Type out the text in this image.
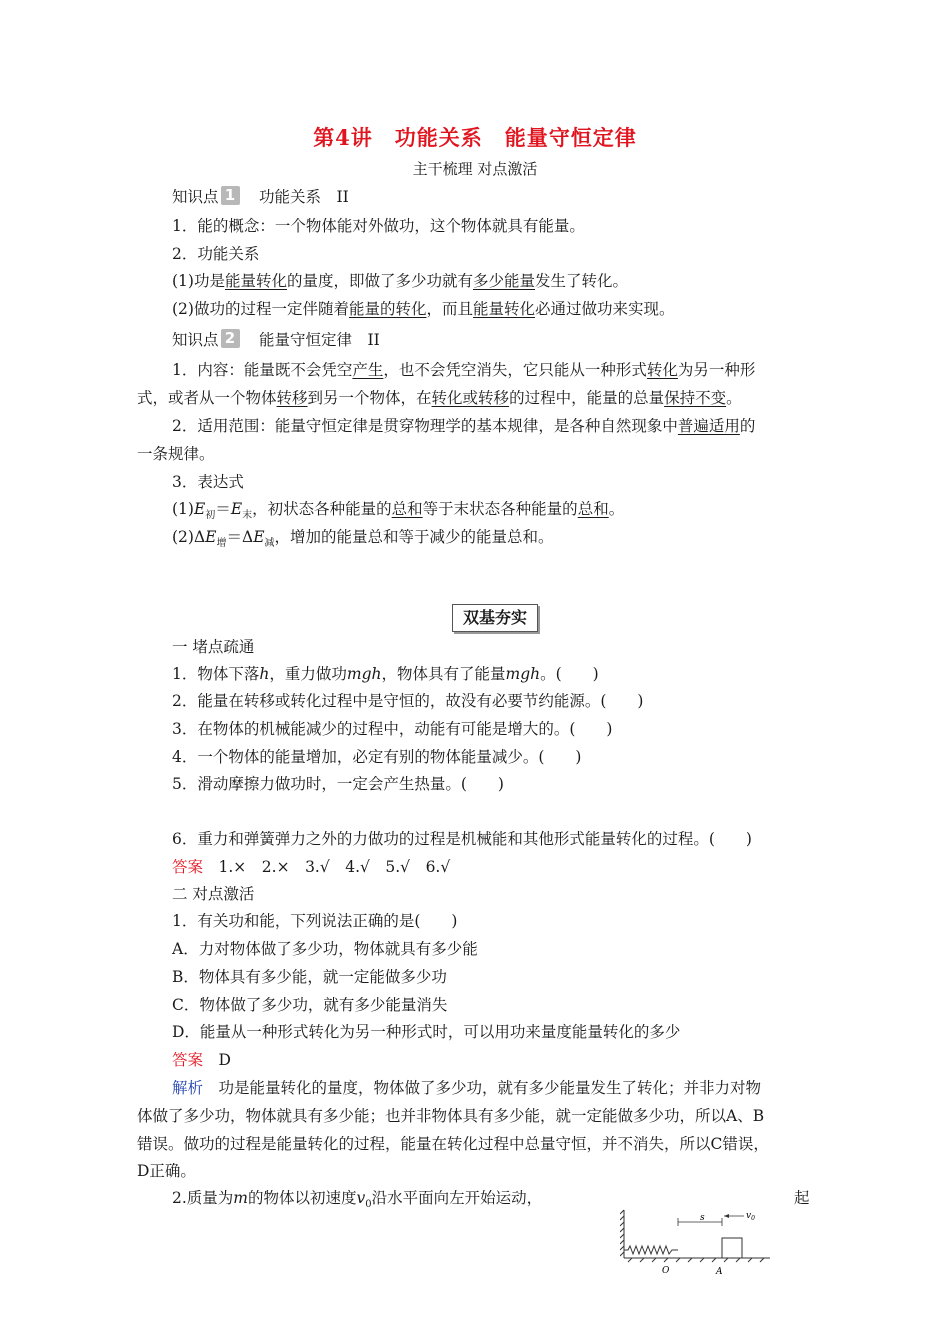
第4讲　功能关系　能量守恒定律
主干梳理 对点激活
知识点 1　 功能关系　II
1．能的概念：一个物体能对外做功，这个物体就具有能量。
2．功能关系
(1)功是能量转化的量度，即做了多少功就有多少能量发生了转化。
(2)做功的过程一定伴随着能量的转化，而且能量转化必通过做功来实现。
知识点 2　 能量守恒定律　II
1．内容：能量既不会凭空产生，也不会凭空消失，它只能从一种形式转化为另一种形
式，或者从一个物体转移到另一个物体，在转化或转移的过程中，能量的总量保持不变。
2．适用范围：能量守恒定律是贯穿物理学的基本规律，是各种自然现象中普遍适用的
一条规律。
3．表达式
$(1)E_初=E_末$，初状态各种能量的总和等于末状态各种能量的总和。
$(2)\Delta E_增=\Delta E_减$，增加的能量总和等于减少的能量总和。
双基夯实
一 堵点疏通
1．物体下落h，重力做功mgh，物体具有了能量mgh。(　　)
2．能量在转移或转化过程中是守恒的，故没有必要节约能源。(　　)
3．在物体的机械能减少的过程中，动能有可能是增大的。(　　)
4．一个物体的能量增加，必定有别的物体能量减少。(　　)
5．滑动摩擦力做功时，一定会产生热量。(　　)
6．重力和弹簧弹力之外的力做功的过程是机械能和其他形式能量转化的过程。(　　)
答案　1.×　2.×　3.√　4.√　5.√　6.√
二 对点激活
1．有关功和能，下列说法正确的是(　　)
A．力对物体做了多少功，物体就具有多少能
B．物体具有多少能，就一定能做多少功
C．物体做了多少功，就有多少能量消失
D．能量从一种形式转化为另一种形式时，可以用功来量度能量转化的多少
答案　D
解析　功是能量转化的量度，物体做了多少功，就有多少能量发生了转化；并非力对物
体做了多少功，物体就具有多少能；也并非物体具有多少能，就一定能做多少功，所以A、B
错误。做功的过程是能量转化的过程，能量在转化过程中总量守恒，并不消失，所以C错误，
D正确。
2.质量为m的物体以初速度$v_0$沿水平面向左开始运动，	起
s	$v_0$
O	A
